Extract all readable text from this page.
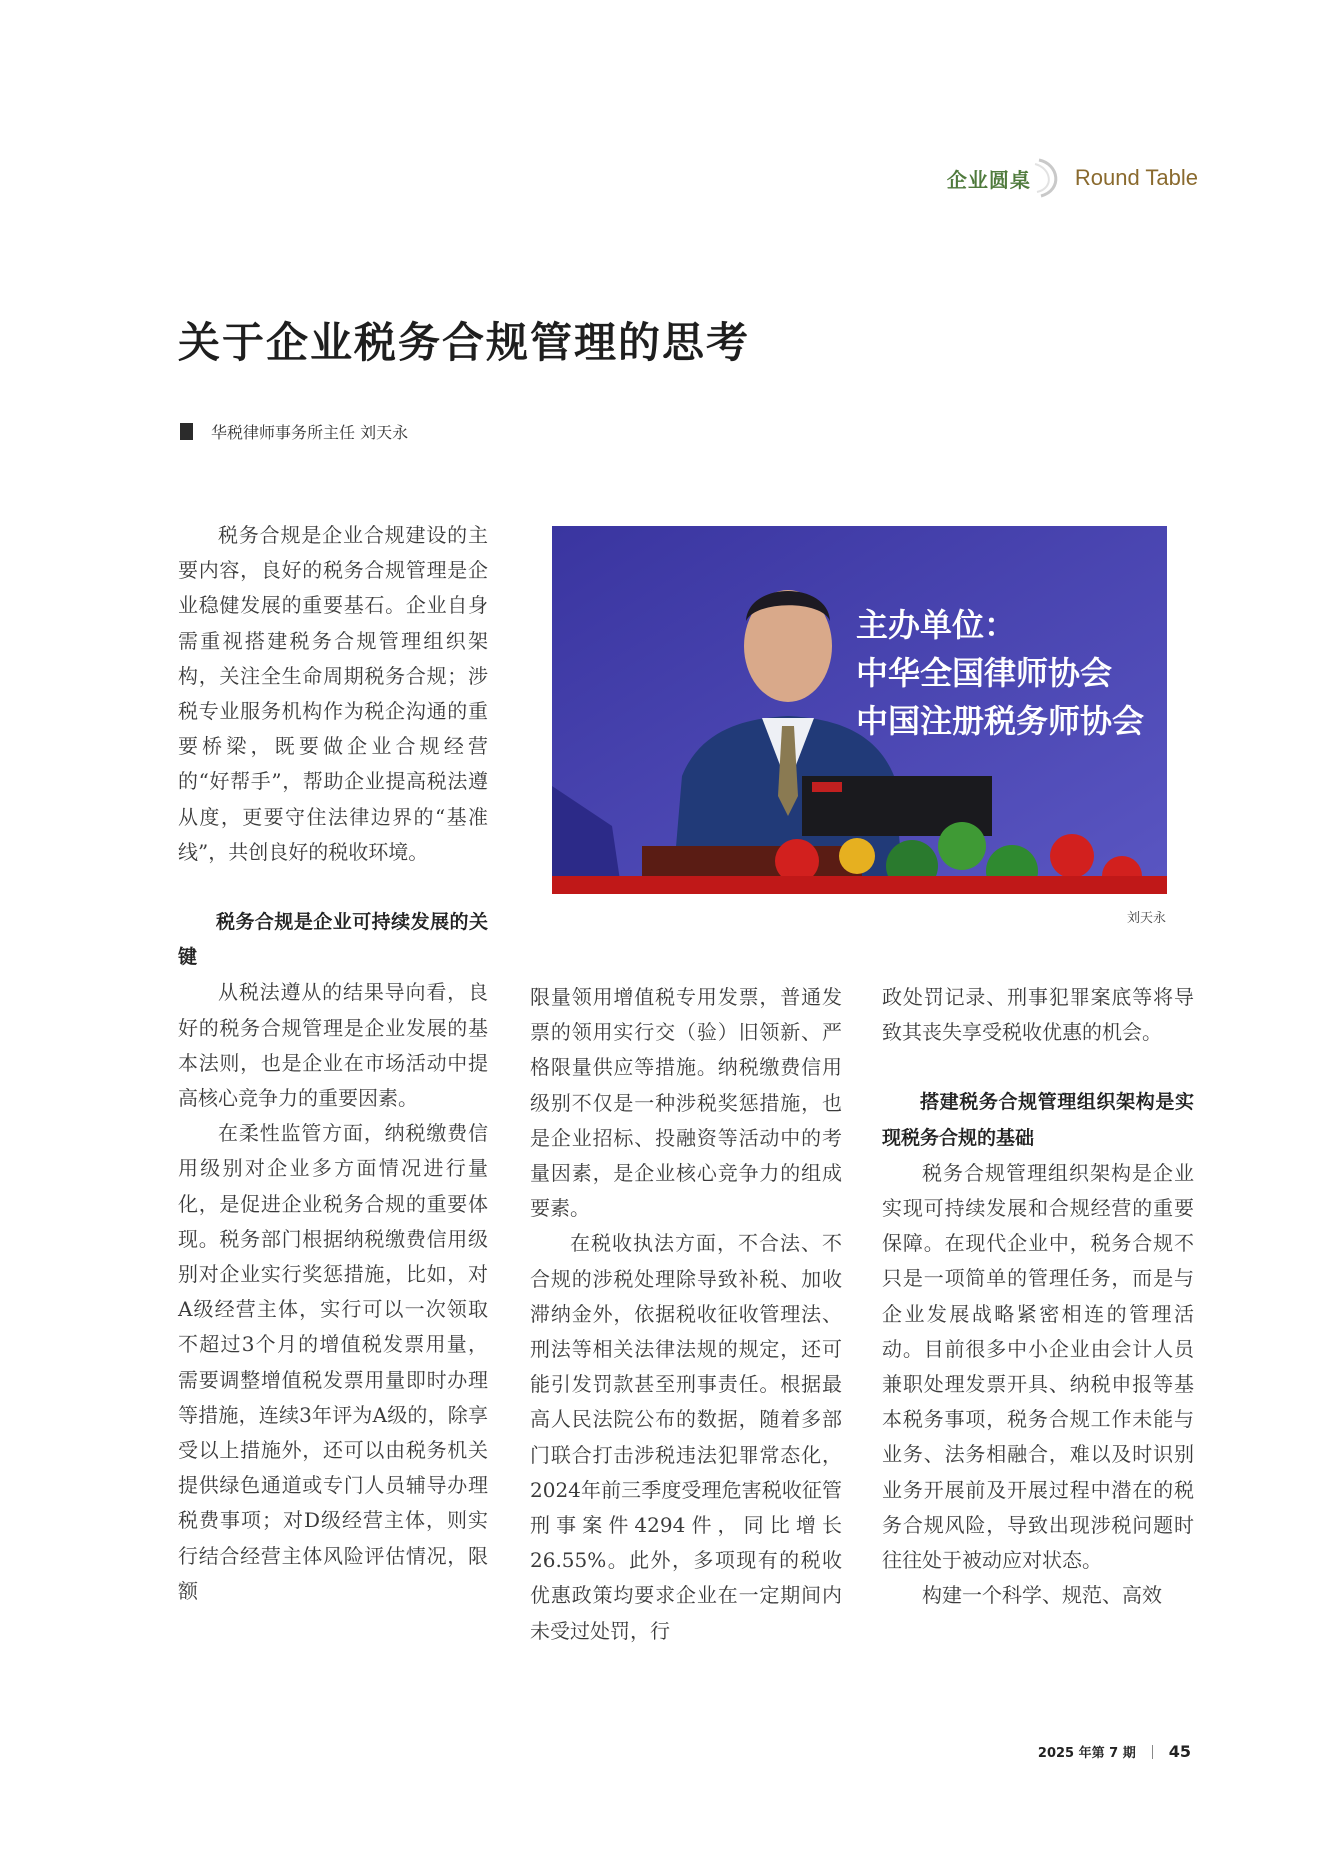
企业圆桌 Round Table
关于企业税务合规管理的思考
华税律师事务所主任 刘天永

税务合规是企业合规建设的主要内容，良好的税务合规管理是企业稳健发展的重要基石。企业自身需重视搭建税务合规管理组织架构，关注全生命周期税务合规；涉税专业服务机构作为税企沟通的重要桥梁，既要做企业合规经营的“好帮手”，帮助企业提高税法遵从度，更要守住法律边界的“基准线”，共创良好的税收环境。

税务合规是企业可持续发展的关键

从税法遵从的结果导向看，良好的税务合规管理是企业发展的基本法则，也是企业在市场活动中提高核心竞争力的重要因素。

在柔性监管方面，纳税缴费信用级别对企业多方面情况进行量化，是促进企业税务合规的重要体现。税务部门根据纳税缴费信用级别对企业实行奖惩措施，比如，对A级经营主体，实行可以一次领取不超过3个月的增值税发票用量，需要调整增值税发票用量即时办理等措施，连续3年评为A级的，除享受以上措施外，还可以由税务机关提供绿色通道或专门人员辅导办理税费事项；对D级经营主体，则实行结合经营主体风险评估情况，限额

主办单位：
中华全国律师协会
中国注册税务师协会
刘天永

限量领用增值税专用发票，普通发票的领用实行交（验）旧领新、严格限量供应等措施。纳税缴费信用级别不仅是一种涉税奖惩措施，也是企业招标、投融资等活动中的考量因素，是企业核心竞争力的组成要素。

在税收执法方面，不合法、不合规的涉税处理除导致补税、加收滞纳金外，依据税收征收管理法、刑法等相关法律法规的规定，还可能引发罚款甚至刑事责任。根据最高人民法院公布的数据，随着多部门联合打击涉税违法犯罪常态化，2024年前三季度受理危害税收征管刑事案件4294件，同比增长26.55%。此外，多项现有的税收优惠政策均要求企业在一定期间内未受过处罚，行

政处罚记录、刑事犯罪案底等将导致其丧失享受税收优惠的机会。

搭建税务合规管理组织架构是实现税务合规的基础

税务合规管理组织架构是企业实现可持续发展和合规经营的重要保障。在现代企业中，税务合规不只是一项简单的管理任务，而是与企业发展战略紧密相连的管理活动。目前很多中小企业由会计人员兼职处理发票开具、纳税申报等基本税务事项，税务合规工作未能与业务、法务相融合，难以及时识别业务开展前及开展过程中潜在的税务合规风险，导致出现涉税问题时往往处于被动应对状态。

构建一个科学、规范、高效

2025 年第 7 期 45
